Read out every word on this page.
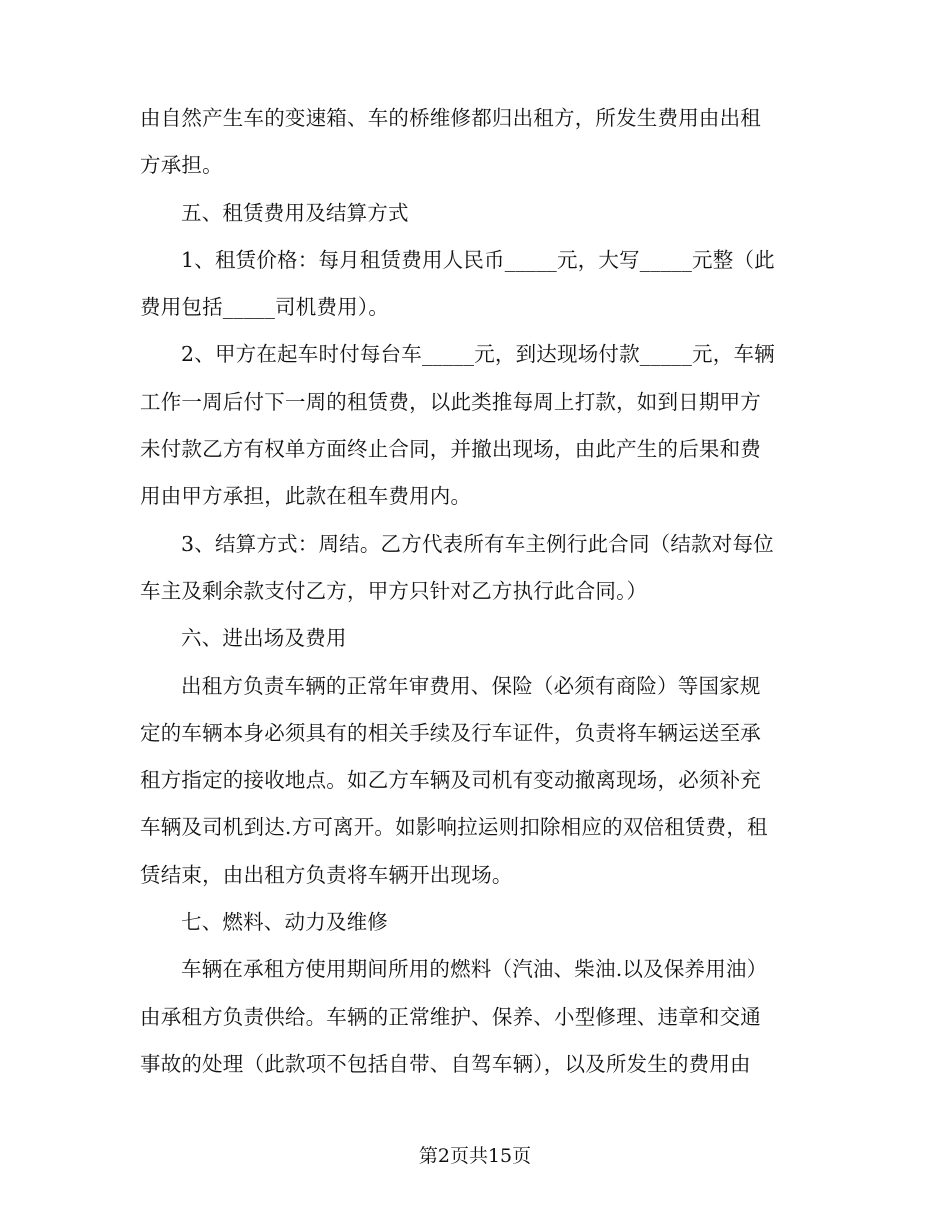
由自然产生车的变速箱、车的桥维修都归出租方，所发生费用由出租
方承担。

五、租赁费用及结算方式

1、租赁价格：每月租赁费用人民币_____元，大写_____元整（此
费用包括_____司机费用）。

2、甲方在起车时付每台车_____元，到达现场付款_____元，车辆
工作一周后付下一周的租赁费，以此类推每周上打款，如到日期甲方
未付款乙方有权单方面终止合同，并撤出现场，由此产生的后果和费
用由甲方承担，此款在租车费用内。

3、结算方式：周结。乙方代表所有车主例行此合同（结款对每位
车主及剩余款支付乙方，甲方只针对乙方执行此合同。）

六、进出场及费用

出租方负责车辆的正常年审费用、保险（必须有商险）等国家规
定的车辆本身必须具有的相关手续及行车证件，负责将车辆运送至承
租方指定的接收地点。如乙方车辆及司机有变动撤离现场，必须补充
车辆及司机到达.方可离开。如影响拉运则扣除相应的双倍租赁费，租
赁结束，由出租方负责将车辆开出现场。

七、燃料、动力及维修

车辆在承租方使用期间所用的燃料（汽油、柴油.以及保养用油）
由承租方负责供给。车辆的正常维护、保养、小型修理、违章和交通
事故的处理（此款项不包括自带、自驾车辆），以及所发生的费用由

第2页共15页
